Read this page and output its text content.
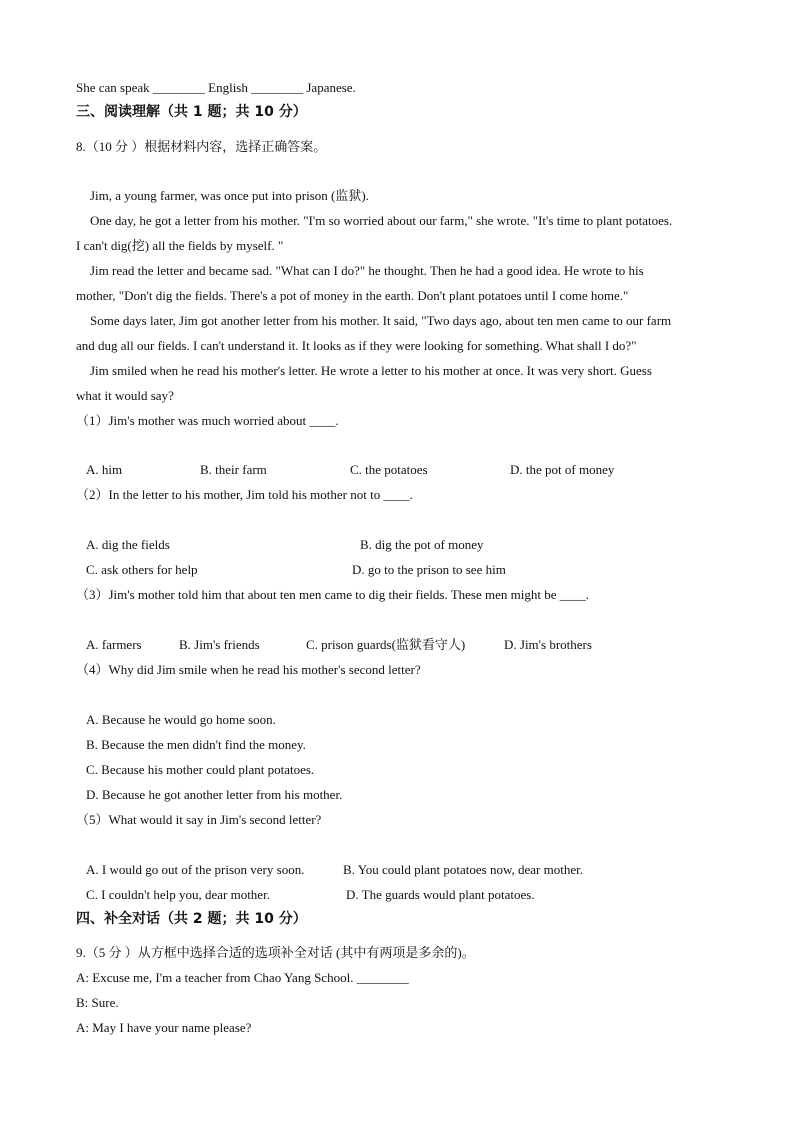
She can speak ________ English ________ Japanese.
三、阅读理解（共 1 题；共 10 分）
8.（10 分 ）根据材料内容，选择正确答案。
Jim, a young farmer, was once put into prison (监狱).
One day, he got a letter from his mother. "I'm so worried about our farm," she wrote. "It's time to plant potatoes.
I can't dig(挖) all the fields by myself. "
Jim read the letter and became sad. "What can I do?" he thought. Then he had a good idea. He wrote to his
mother, "Don't dig the fields. There's a pot of money in the earth. Don't plant potatoes until I come home."
Some days later, Jim got another letter from his mother. It said, "Two days ago, about ten men came to our farm
and dug all our fields. I can't understand it. It looks as if they were looking for something. What shall I do?"
Jim smiled when he read his mother's letter. He wrote a letter to his mother at once. It was very short. Guess
what it would say?
（1）Jim's mother was much worried about ____.
A. him	B. their farm	C. the potatoes	D. the pot of money
（2）In the letter to his mother, Jim told his mother not to ____.
A. dig the fields	B. dig the pot of money
C. ask others for help	D. go to the prison to see him
（3）Jim's mother told him that about ten men came to dig their fields. These men might be ____.
A. farmers	B. Jim's friends	C. prison guards(监狱看守人)	D. Jim's brothers
（4）Why did Jim smile when he read his mother's second letter?
A. Because he would go home soon.
B. Because the men didn't find the money.
C. Because his mother could plant potatoes.
D. Because he got another letter from his mother.
（5）What would it say in Jim's second letter?
A. I would go out of the prison very soon.	B. You could plant potatoes now, dear mother.
C. I couldn't help you, dear mother.	D. The guards would plant potatoes.
四、补全对话（共 2 题；共 10 分）
9.（5 分 ）从方框中选择合适的选项补全对话 (其中有两项是多余的)。
A: Excuse me, I'm a teacher from Chao Yang School. ________
B: Sure.
A: May I have your name please?
